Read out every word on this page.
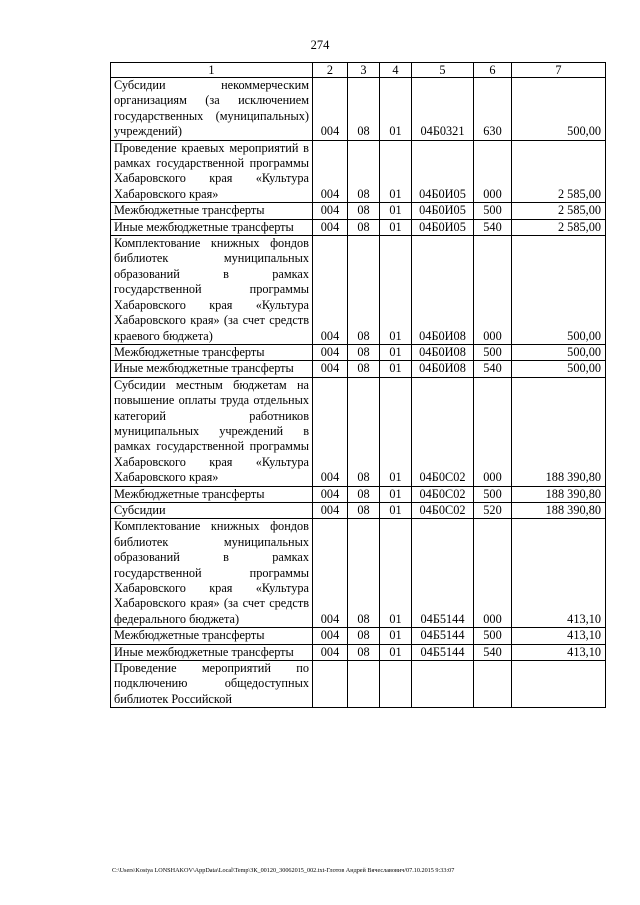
274
1	2	3	4	5	6	7
Субсидии некоммерческим организациям (за исключением государственных (муниципальных) учреждений)	004	08	01	04Б0321	630	500,00
Проведение краевых мероприятий в рамках государственной программы Хабаровского края «Культура Хабаровского края»	004	08	01	04Б0И05	000	2 585,00
Межбюджетные трансферты	004	08	01	04Б0И05	500	2 585,00
Иные межбюджетные трансферты	004	08	01	04Б0И05	540	2 585,00
Комплектование книжных фондов библиотек муниципальных образований в рамках государственной программы Хабаровского края «Культура Хабаровского края» (за счет средств краевого бюджета)	004	08	01	04Б0И08	000	500,00
Межбюджетные трансферты	004	08	01	04Б0И08	500	500,00
Иные межбюджетные трансферты	004	08	01	04Б0И08	540	500,00
Субсидии местным бюджетам на повышение оплаты труда отдельных категорий работников муниципальных учреждений в рамках государственной программы Хабаровского края «Культура Хабаровского края»	004	08	01	04Б0С02	000	188 390,80
Межбюджетные трансферты	004	08	01	04Б0С02	500	188 390,80
Субсидии	004	08	01	04Б0С02	520	188 390,80
Комплектование книжных фондов библиотек муниципальных образований в рамках государственной программы Хабаровского края «Культура Хабаровского края» (за счет средств федерального бюджета)	004	08	01	04Б5144	000	413,10
Межбюджетные трансферты	004	08	01	04Б5144	500	413,10
Иные межбюджетные трансферты	004	08	01	04Б5144	540	413,10
Проведение мероприятий по подключению общедоступных библиотек Российской						
C:\Users\Kostya LONSHAKOV\AppData\Local\Temp\ЗК_00120_30062015_002.txt-Глотов Андрей Вячеславович/07.10.2015 9:33:07
